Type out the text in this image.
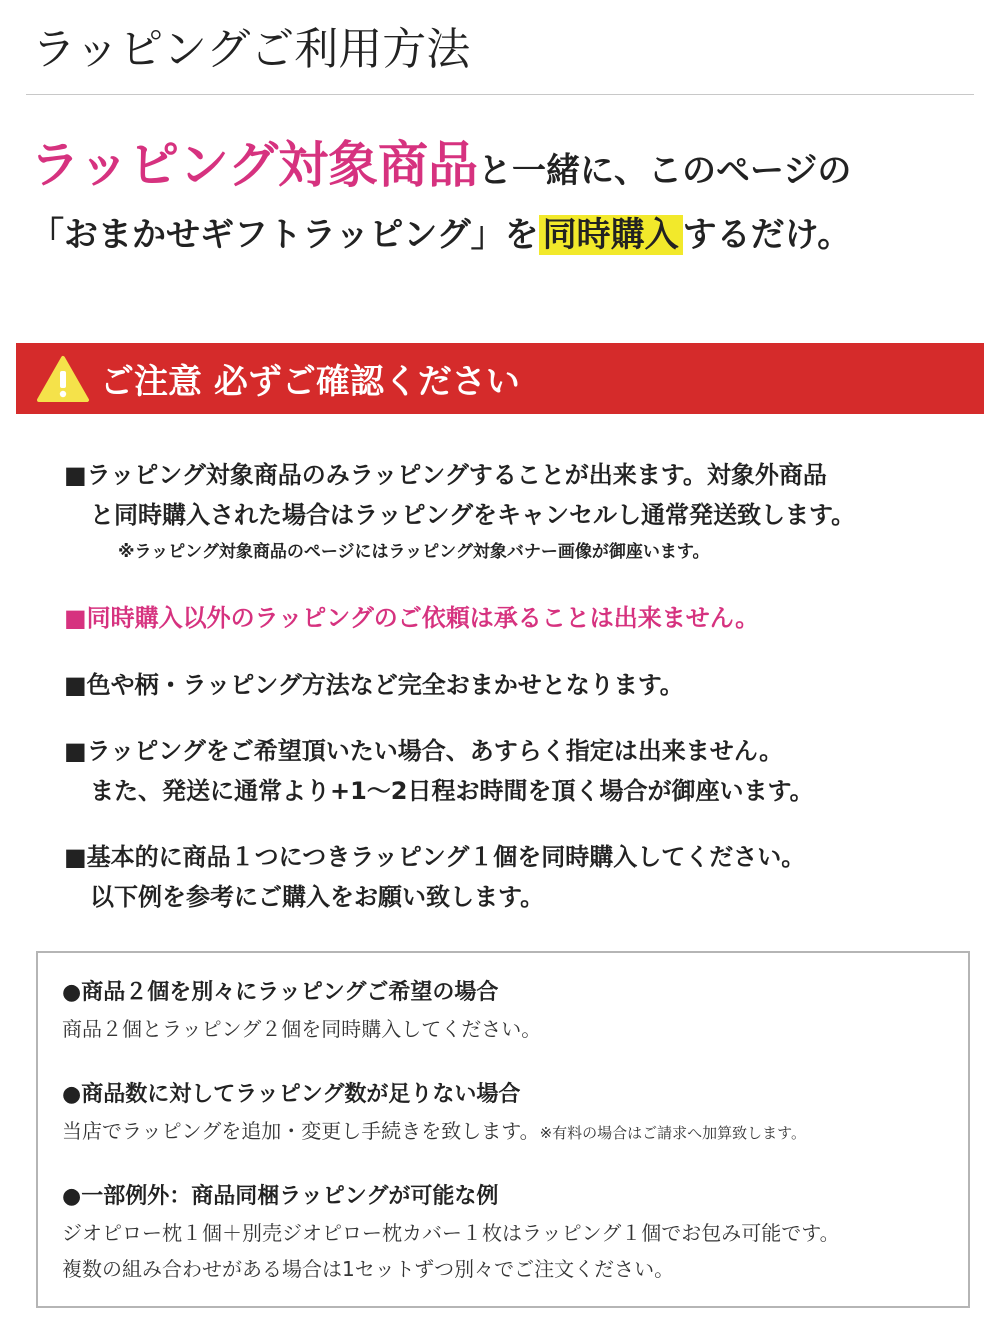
ラッピングご利用方法
ラッピング対象商品と一緒に、このページの
「おまかせギフトラッピング」を 同時購入 するだけ。
ご注意 必ずご確認ください
■ラッピング対象商品のみラッピングすることが出来ます。対象外商品
と同時購入された場合はラッピングをキャンセルし通常発送致します。
■同時購入以外のラッピングのご依頼は承ることは出来ません。
■色や柄・ラッピング方法など完全おまかせとなります。
■ラッピングをご希望頂いたい場合、あすらく指定は出来ません。
また、発送に通常より+1～2日程お時間を頂く場合が御座います。
■基本的に商品１つにつきラッピング１個を同時購入してください。
以下例を参考にご購入をお願い致します。
※ラッピング対象商品のページにはラッピング対象バナー画像が御座います。
●商品２個を別々にラッピングご希望の場合
商品２個とラッピング２個を同時購入してください。
●商品数に対してラッピング数が足りない場合
当店でラッピングを追加・変更し手続きを致します。※有料の場合はご請求へ加算致します。
●一部例外：商品同梱ラッピングが可能な例
ジオピロー枕１個＋別売ジオピロー枕カバー１枚はラッピング１個でお包み可能です。
複数の組み合わせがある場合は1セットずつ別々でご注文ください。
